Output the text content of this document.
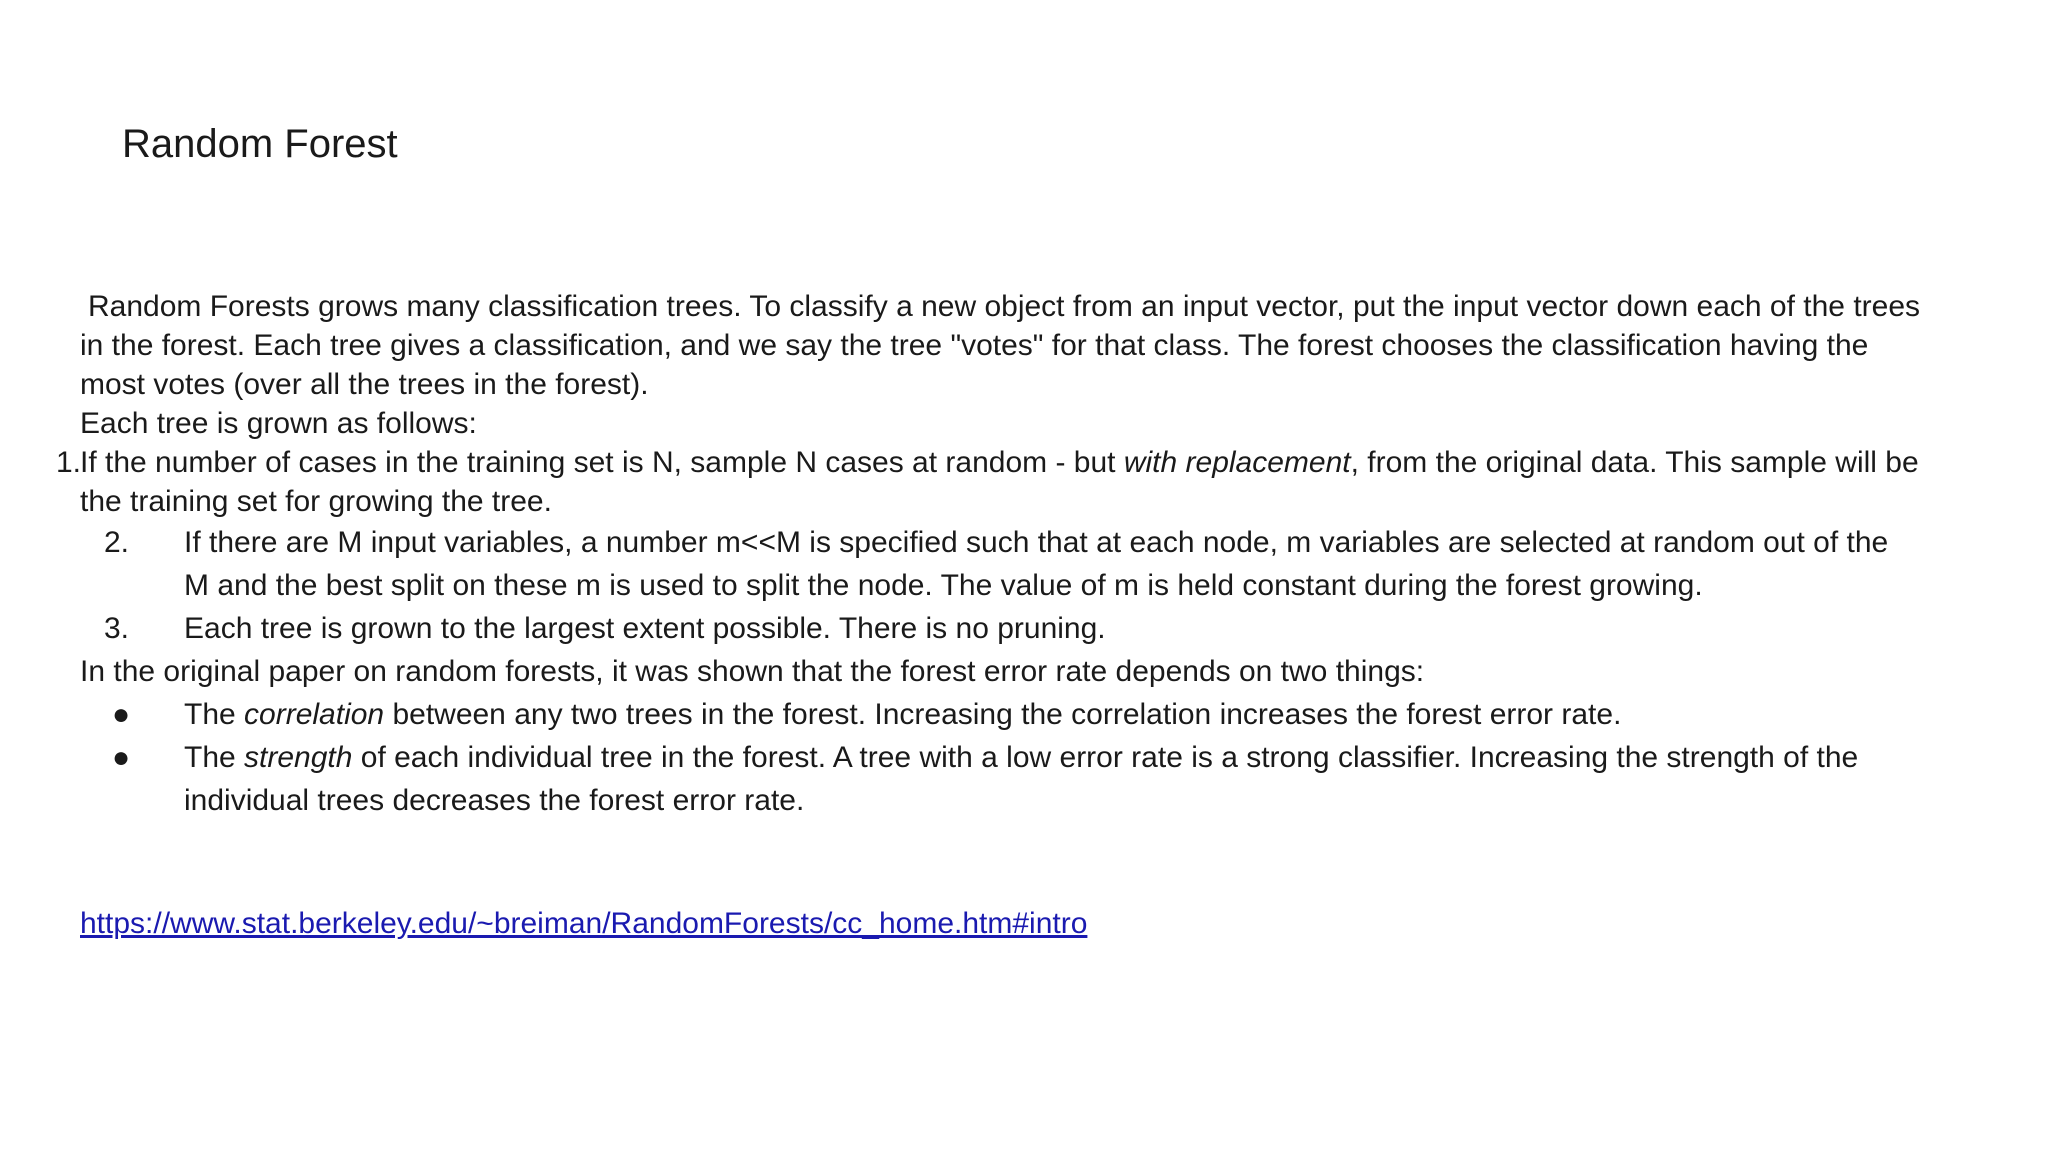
Random Forest

Random Forests grows many classification trees. To classify a new object from an input vector, put the input vector down each of the trees in the forest. Each tree gives a classification, and we say the tree "votes" for that class. The forest chooses the classification having the most votes (over all the trees in the forest).

Each tree is grown as follows:

1.
If the number of cases in the training set is N, sample N cases at random - but with replacement, from the original data. This sample will be the training set for growing the tree.

2. If there are M input variables, a number m<<M is specified such that at each node, m variables are selected at random out of the M and the best split on these m is used to split the node. The value of m is held constant during the forest growing.

3. Each tree is grown to the largest extent possible. There is no pruning.

In the original paper on random forests, it was shown that the forest error rate depends on two things:

● The correlation between any two trees in the forest. Increasing the correlation increases the forest error rate.

● The strength of each individual tree in the forest. A tree with a low error rate is a strong classifier. Increasing the strength of the individual trees decreases the forest error rate.

https://www.stat.berkeley.edu/~breiman/RandomForests/cc_home.htm#intro
